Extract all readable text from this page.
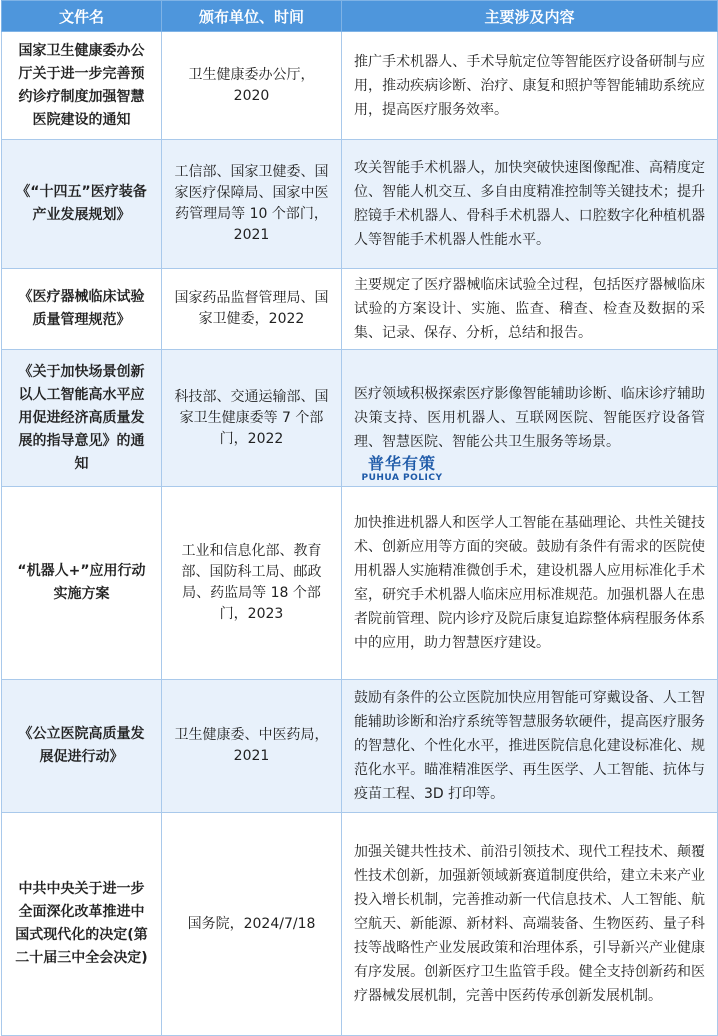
文件名	颁布单位、时间	主要涉及内容
国家卫生健康委办公厅关于进一步完善预约诊疗制度加强智慧医院建设的通知	卫生健康委办公厅，2020	推广手术机器人、手术导航定位等智能医疗设备研制与应用，推动疾病诊断、治疗、康复和照护等智能辅助系统应用，提高医疗服务效率。
《“十四五”医疗装备产业发展规划》	工信部、国家卫健委、国家医疗保障局、国家中医药管理局等 10 个部门，2021	攻关智能手术机器人，加快突破快速图像配准、高精度定位、智能人机交互、多自由度精准控制等关键技术；提升腔镜手术机器人、骨科手术机器人、口腔数字化种植机器人等智能手术机器人性能水平。
《医疗器械临床试验质量管理规范》	国家药品监督管理局、国家卫健委，2022	主要规定了医疗器械临床试验全过程，包括医疗器械临床试验的方案设计、实施、监查、稽查、检查及数据的采集、记录、保存、分析，总结和报告。
《关于加快场景创新以人工智能高水平应用促进经济高质量发展的指导意见》的通知	科技部、交通运输部、国家卫生健康委等 7 个部门，2022	医疗领域积极探索医疗影像智能辅助诊断、临床诊疗辅助决策支持、医用机器人、互联网医院、智能医疗设备管理、智慧医院、智能公共卫生服务等场景。
“机器人+”应用行动实施方案	工业和信息化部、教育部、国防科工局、邮政局、药监局等 18 个部门，2023	加快推进机器人和医学人工智能在基础理论、共性关键技术、创新应用等方面的突破。鼓励有条件有需求的医院使用机器人实施精准微创手术，建设机器人应用标准化手术室，研究手术机器人临床应用标准规范。加强机器人在患者院前管理、院内诊疗及院后康复追踪整体病程服务体系中的应用，助力智慧医疗建设。
《公立医院高质量发展促进行动》	卫生健康委、中医药局，2021	鼓励有条件的公立医院加快应用智能可穿戴设备、人工智能辅助诊断和治疗系统等智慧服务软硬件，提高医疗服务的智慧化、个性化水平，推进医院信息化建设标准化、规范化水平。瞄准精准医学、再生医学、人工智能、抗体与疫苗工程、3D 打印等。
中共中央关于进一步全面深化改革推进中国式现代化的决定(第二十届三中全会决定)	国务院，2024/7/18	加强关键共性技术、前沿引领技术、现代工程技术、颠覆性技术创新，加强新领域新赛道制度供给，建立未来产业投入增长机制，完善推动新一代信息技术、人工智能、航空航天、新能源、新材料、高端装备、生物医药、量子科技等战略性产业发展政策和治理体系，引导新兴产业健康有序发展。创新医疗卫生监管手段。健全支持创新药和医疗器械发展机制，完善中医药传承创新发展机制。
普华有策
PUHUA POLICY
